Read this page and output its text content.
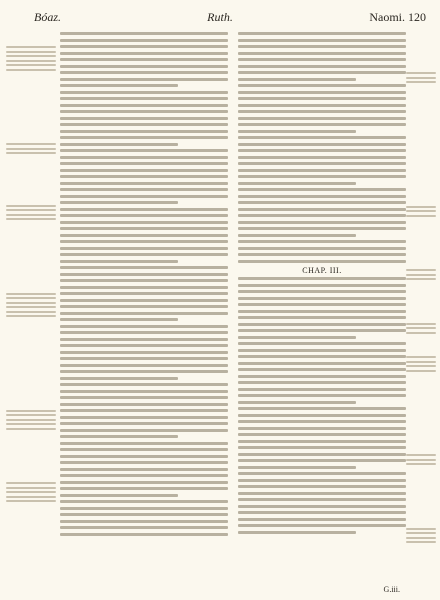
Bóaz.	Ruth.	Naomi. 120
CHAP. III.
G.iii.
